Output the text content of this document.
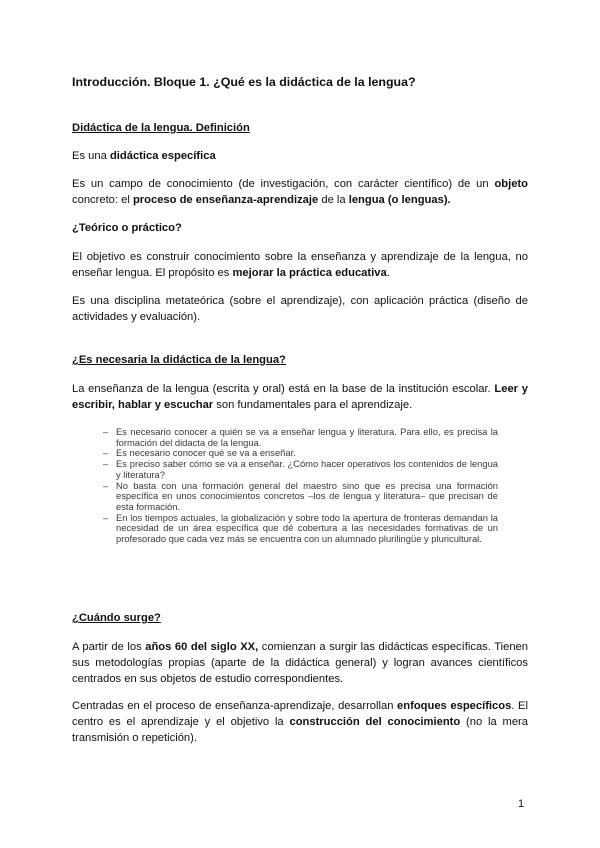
Introducción. Bloque 1. ¿Qué es la didáctica de la lengua?

Didáctica de la lengua. Definición

Es una didáctica específica

Es un campo de conocimiento (de investigación, con carácter científico) de un objeto concreto: el proceso de enseñanza-aprendizaje de la lengua (o lenguas).

¿Teórico o práctico?

El objetivo es construir conocimiento sobre la enseñanza y aprendizaje de la lengua, no enseñar lengua. El propósito es mejorar la práctica educativa.

Es una disciplina metateórica (sobre el aprendizaje), con aplicación práctica (diseño de actividades y evaluación).

¿Es necesaria la didáctica de la lengua?

La enseñanza de la lengua (escrita y oral) está en la base de la institución escolar. Leer y escribir, hablar y escuchar son fundamentales para el aprendizaje.

– Es necesario conocer a quién se va a enseñar lengua y literatura. Para ello, es precisa la formación del didacta de la lengua.
– Es necesario conocer qué se va a enseñar.
– Es preciso saber cómo se va a enseñar. ¿Cómo hacer operativos los contenidos de lengua y literatura?
– No basta con una formación general del maestro sino que es precisa una formación específica en unos conocimientos concretos –los de lengua y literatura– que precisan de esta formación.
– En los tiempos actuales, la globalización y sobre todo la apertura de fronteras demandan la necesidad de un área específica que dé cobertura a las necesidades formativas de un profesorado que cada vez más se encuentra con un alumnado plurilingüe y pluricultural.

¿Cuándo surge?

A partir de los años 60 del siglo XX, comienzan a surgir las didácticas específicas. Tienen sus metodologías propias (aparte de la didáctica general) y logran avances científicos centrados en sus objetos de estudio correspondientes.

Centradas en el proceso de enseñanza-aprendizaje, desarrollan enfoques específicos. El centro es el aprendizaje y el objetivo la construcción del conocimiento (no la mera transmisión o repetición).

1
